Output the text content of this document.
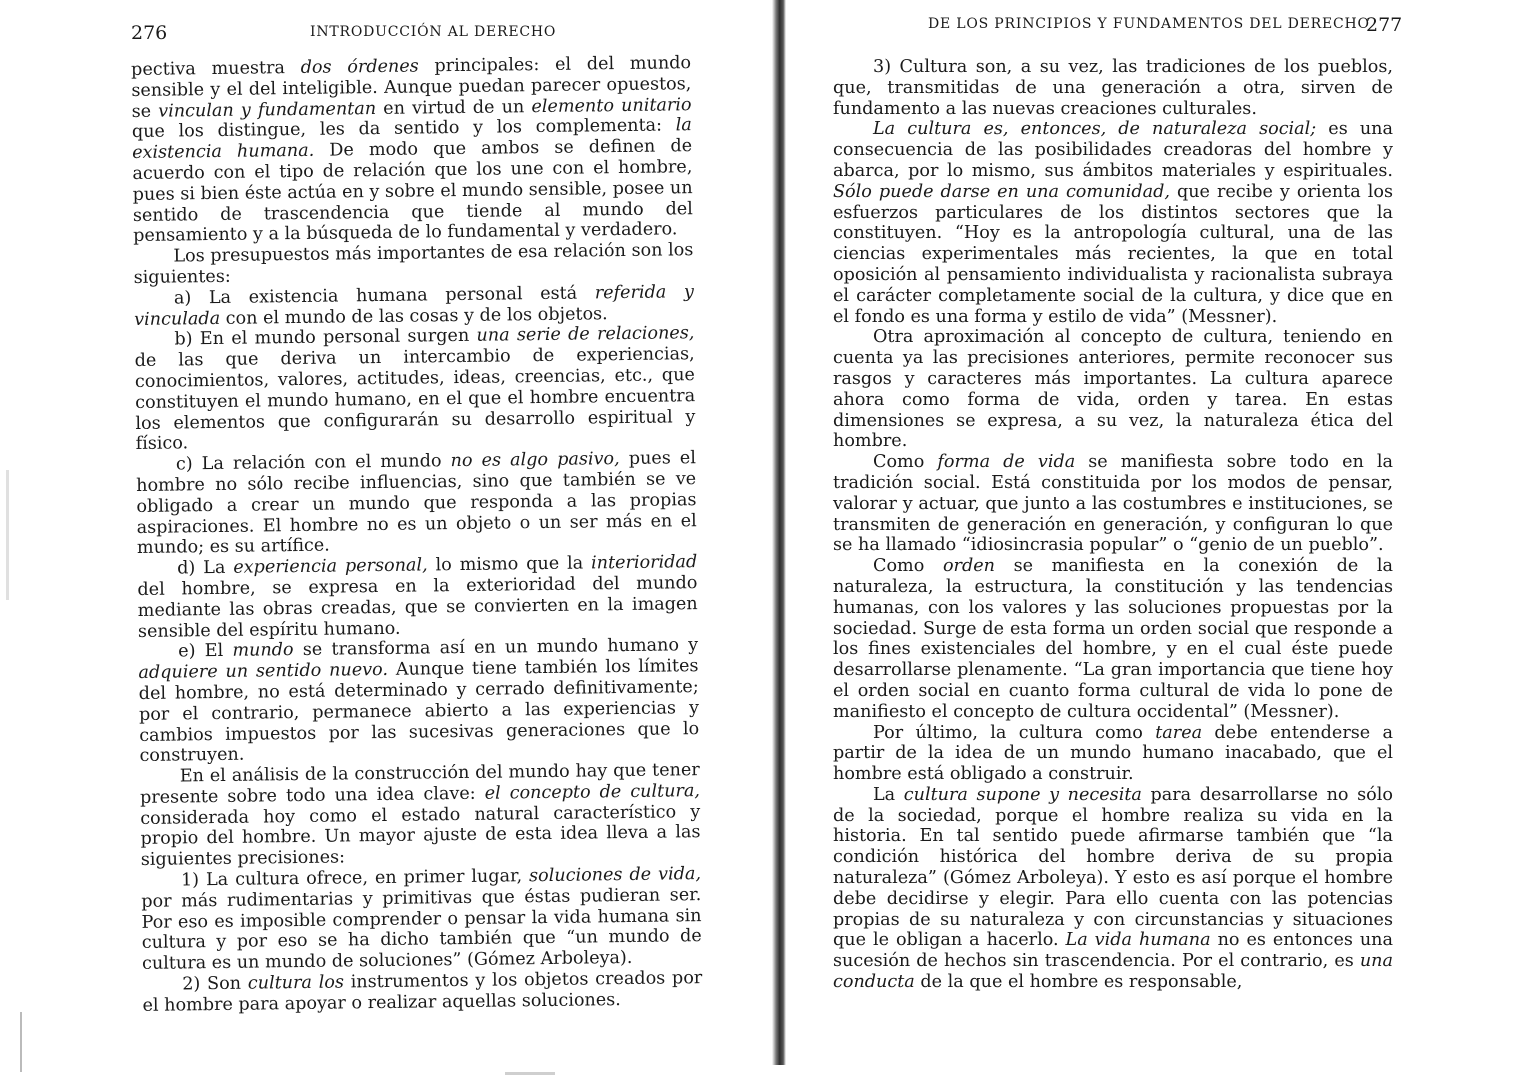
276	INTRODUCCIÓN AL DERECHO

pectiva muestra dos órdenes principales: el del mundo sensible y el del inteligible. Aunque puedan parecer opuestos, se vinculan y fundamentan en virtud de un elemento unitario que los distingue, les da sentido y los complementa: la existencia humana. De modo que ambos se definen de acuerdo con el tipo de relación que los une con el hombre, pues si bien éste actúa en y sobre el mundo sensible, posee un sentido de trascendencia que tiende al mundo del pensamiento y a la búsqueda de lo fundamental y verdadero.

Los presupuestos más importantes de esa relación son los siguientes:

a) La existencia humana personal está referida y vinculada con el mundo de las cosas y de los objetos.

b) En el mundo personal surgen una serie de relaciones, de las que deriva un intercambio de experiencias, conocimientos, valores, actitudes, ideas, creencias, etc., que constituyen el mundo humano, en el que el hombre encuentra los elementos que configurarán su desarrollo espiritual y físico.

c) La relación con el mundo no es algo pasivo, pues el hombre no sólo recibe influencias, sino que también se ve obligado a crear un mundo que responda a las propias aspiraciones. El hombre no es un objeto o un ser más en el mundo; es su artífice.

d) La experiencia personal, lo mismo que la interioridad del hombre, se expresa en la exterioridad del mundo mediante las obras creadas, que se convierten en la imagen sensible del espíritu humano.

e) El mundo se transforma así en un mundo humano y adquiere un sentido nuevo. Aunque tiene también los límites del hombre, no está determinado y cerrado definitivamente; por el contrario, permanece abierto a las experiencias y cambios impuestos por las sucesivas generaciones que lo construyen.

En el análisis de la construcción del mundo hay que tener presente sobre todo una idea clave: el concepto de cultura, considerada hoy como el estado natural característico y propio del hombre. Un mayor ajuste de esta idea lleva a las siguientes precisiones:

1) La cultura ofrece, en primer lugar, soluciones de vida, por más rudimentarias y primitivas que éstas pudieran ser. Por eso es imposible comprender o pensar la vida humana sin cultura y por eso se ha dicho también que “un mundo de cultura es un mundo de soluciones” (Gómez Arboleya).

2) Son cultura los instrumentos y los objetos creados por el hombre para apoyar o realizar aquellas soluciones.

DE LOS PRINCIPIOS Y FUNDAMENTOS DEL DERECHO
277

3) Cultura son, a su vez, las tradiciones de los pueblos, que, transmitidas de una generación a otra, sirven de fundamento a las nuevas creaciones culturales.

La cultura es, entonces, de naturaleza social; es una consecuencia de las posibilidades creadoras del hombre y abarca, por lo mismo, sus ámbitos materiales y espirituales. Sólo puede darse en una comunidad, que recibe y orienta los esfuerzos particulares de los distintos sectores que la constituyen. “Hoy es la antropología cultural, una de las ciencias experimentales más recientes, la que en total oposición al pensamiento individualista y racionalista subraya el carácter completamente social de la cultura, y dice que en el fondo es una forma y estilo de vida” (Messner).

Otra aproximación al concepto de cultura, teniendo en cuenta ya las precisiones anteriores, permite reconocer sus rasgos y caracteres más importantes. La cultura aparece ahora como forma de vida, orden y tarea. En estas dimensiones se expresa, a su vez, la naturaleza ética del hombre.

Como forma de vida se manifiesta sobre todo en la tradición social. Está constituida por los modos de pensar, valorar y actuar, que junto a las costumbres e instituciones, se transmiten de generación en generación, y configuran lo que se ha llamado “idiosincrasia popular” o “genio de un pueblo”.

Como orden se manifiesta en la conexión de la naturaleza, la estructura, la constitución y las tendencias humanas, con los valores y las soluciones propuestas por la sociedad. Surge de esta forma un orden social que responde a los fines existenciales del hombre, y en el cual éste puede desarrollarse plenamente. “La gran importancia que tiene hoy el orden social en cuanto forma cultural de vida lo pone de manifiesto el concepto de cultura occidental” (Messner).

Por último, la cultura como tarea debe entenderse a partir de la idea de un mundo humano inacabado, que el hombre está obligado a construir.

La cultura supone y necesita para desarrollarse no sólo de la sociedad, porque el hombre realiza su vida en la historia. En tal sentido puede afirmarse también que “la condición histórica del hombre deriva de su propia naturaleza” (Gómez Arboleya). Y esto es así porque el hombre debe decidirse y elegir. Para ello cuenta con las potencias propias de su naturaleza y con circunstancias y situaciones que le obligan a hacerlo. La vida humana no es entonces una sucesión de hechos sin trascendencia. Por el contrario, es una conducta de la que el hombre es responsable,
